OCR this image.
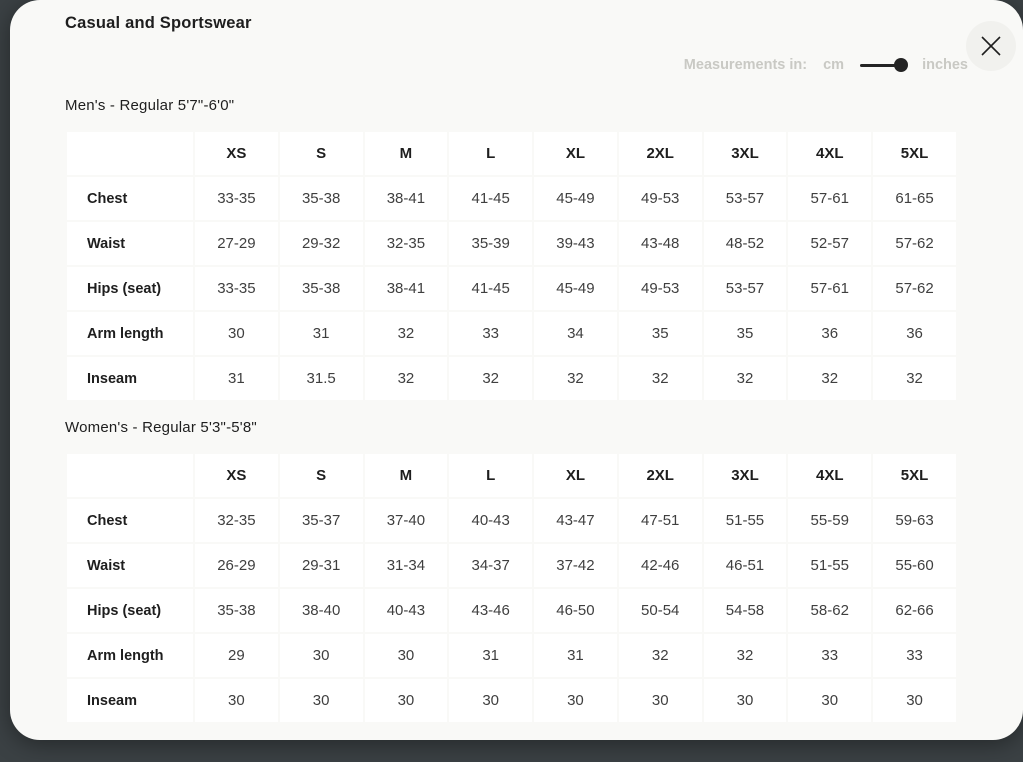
Casual and Sportswear
Measurements in: cm	inches
Men's - Regular 5'7"-6'0"
	XS	S	M	L	XL	2XL	3XL	4XL	5XL
Chest	33-35	35-38	38-41	41-45	45-49	49-53	53-57	57-61	61-65
Waist	27-29	29-32	32-35	35-39	39-43	43-48	48-52	52-57	57-62
Hips (seat)	33-35	35-38	38-41	41-45	45-49	49-53	53-57	57-61	57-62
Arm length	30	31	32	33	34	35	35	36	36
Inseam	31	31.5	32	32	32	32	32	32	32
Women's - Regular 5'3"-5'8"
	XS	S	M	L	XL	2XL	3XL	4XL	5XL
Chest	32-35	35-37	37-40	40-43	43-47	47-51	51-55	55-59	59-63
Waist	26-29	29-31	31-34	34-37	37-42	42-46	46-51	51-55	55-60
Hips (seat)	35-38	38-40	40-43	43-46	46-50	50-54	54-58	58-62	62-66
Arm length	29	30	30	31	31	32	32	33	33
Inseam	30	30	30	30	30	30	30	30	30
